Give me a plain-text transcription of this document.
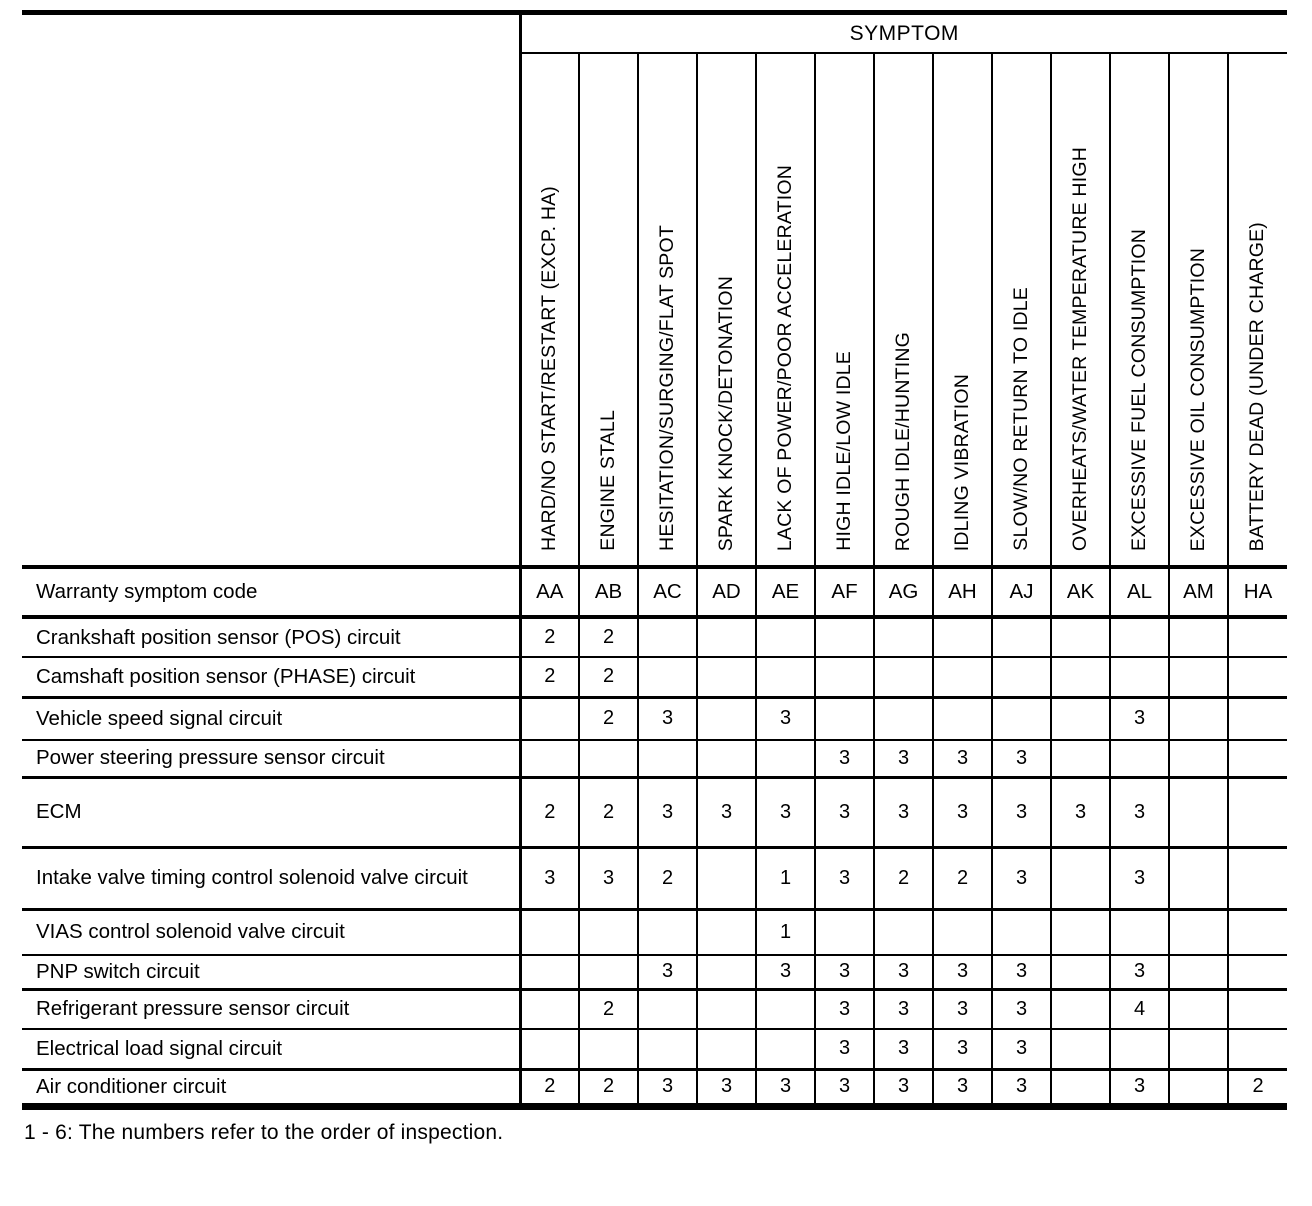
	SYMPTOM												
	HARD/NO START/RESTART (EXCP. HA)	ENGINE STALL	HESITATION/SURGING/FLAT SPOT	SPARK KNOCK/DETONATION	LACK OF POWER/POOR ACCELERATION	HIGH IDLE/LOW IDLE	ROUGH IDLE/HUNTING	IDLING VIBRATION	SLOW/NO RETURN TO IDLE	OVERHEATS/WATER TEMPERATURE HIGH	EXCESSIVE FUEL CONSUMPTION	EXCESSIVE OIL CONSUMPTION	BATTERY DEAD (UNDER CHARGE)
Warranty symptom code	AA	AB	AC	AD	AE	AF	AG	AH	AJ	AK	AL	AM	HA
Crankshaft position sensor (POS) circuit	2	2											
Camshaft position sensor (PHASE) circuit	2	2											
Vehicle speed signal circuit		2	3		3						3		
Power steering pressure sensor circuit						3	3	3	3				
ECM	2	2	3	3	3	3	3	3	3	3	3		
Intake valve timing control solenoid valve circuit	3	3	2		1	3	2	2	3		3		
VIAS control solenoid valve circuit					1								
PNP switch circuit			3		3	3	3	3	3		3		
Refrigerant pressure sensor circuit		2				3	3	3	3		4		
Electrical load signal circuit						3	3	3	3				
Air conditioner circuit	2	2	3	3	3	3	3	3	3		3		2
1 - 6: The numbers refer to the order of inspection.
